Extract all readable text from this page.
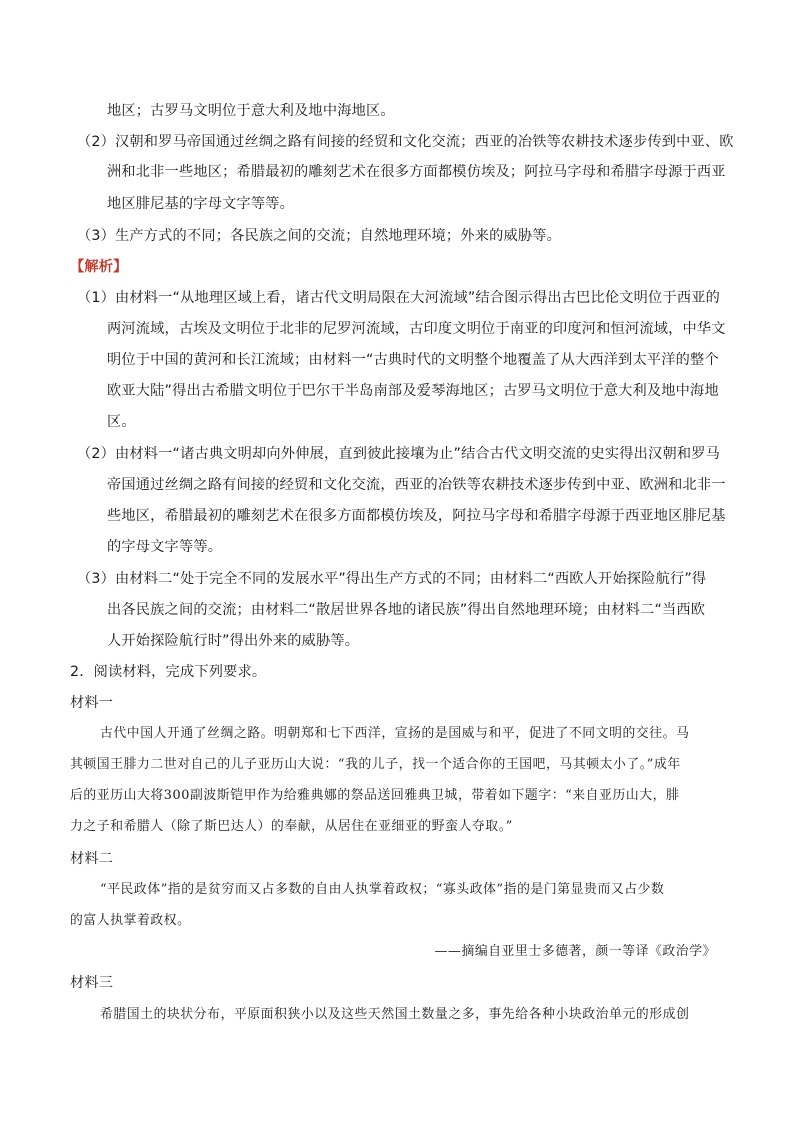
地区；古罗马文明位于意大利及地中海地区。
（2）汉朝和罗马帝国通过丝绸之路有间接的经贸和文化交流；西亚的冶铁等农耕技术逐步传到中亚、欧
洲和北非一些地区；希腊最初的雕刻艺术在很多方面都模仿埃及；阿拉马字母和希腊字母源于西亚
地区腓尼基的字母文字等等。
（3）生产方式的不同；各民族之间的交流；自然地理环境；外来的威胁等。
【解析】
（1）由材料一“从地理区域上看，诸古代文明局限在大河流域”结合图示得出古巴比伦文明位于西亚的
两河流域，古埃及文明位于北非的尼罗河流域，古印度文明位于南亚的印度河和恒河流域，中华文
明位于中国的黄河和长江流域；由材料一“古典时代的文明整个地覆盖了从大西洋到太平洋的整个
欧亚大陆”得出古希腊文明位于巴尔干半岛南部及爱琴海地区；古罗马文明位于意大利及地中海地
区。
（2）由材料一“诸古典文明却向外伸展，直到彼此接壤为止”结合古代文明交流的史实得出汉朝和罗马
帝国通过丝绸之路有间接的经贸和文化交流，西亚的冶铁等农耕技术逐步传到中亚、欧洲和北非一
些地区，希腊最初的雕刻艺术在很多方面都模仿埃及，阿拉马字母和希腊字母源于西亚地区腓尼基
的字母文字等等。
（3）由材料二“处于完全不同的发展水平”得出生产方式的不同；由材料二“西欧人开始探险航行”得
出各民族之间的交流；由材料二“散居世界各地的诸民族”得出自然地理环境；由材料二“当西欧
人开始探险航行时”得出外来的威胁等。
2．阅读材料，完成下列要求。
材料一
古代中国人开通了丝绸之路。明朝郑和七下西洋，宣扬的是国威与和平，促进了不同文明的交往。马
其顿国王腓力二世对自己的儿子亚历山大说：“我的儿子，找一个适合你的王国吧，马其顿太小了。”成年
后的亚历山大将300副波斯铠甲作为给雅典娜的祭品送回雅典卫城，带着如下题字：“来自亚历山大，腓
力之子和希腊人（除了斯巴达人）的奉献，从居住在亚细亚的野蛮人夺取。”
材料二
“平民政体”指的是贫穷而又占多数的自由人执掌着政权；“寡头政体”指的是门第显贵而又占少数
的富人执掌着政权。
——摘编自亚里士多德著，颜一等译《政治学》
材料三
希腊国土的块状分布，平原面积狭小以及这些天然国土数量之多，事先给各种小块政治单元的形成创
